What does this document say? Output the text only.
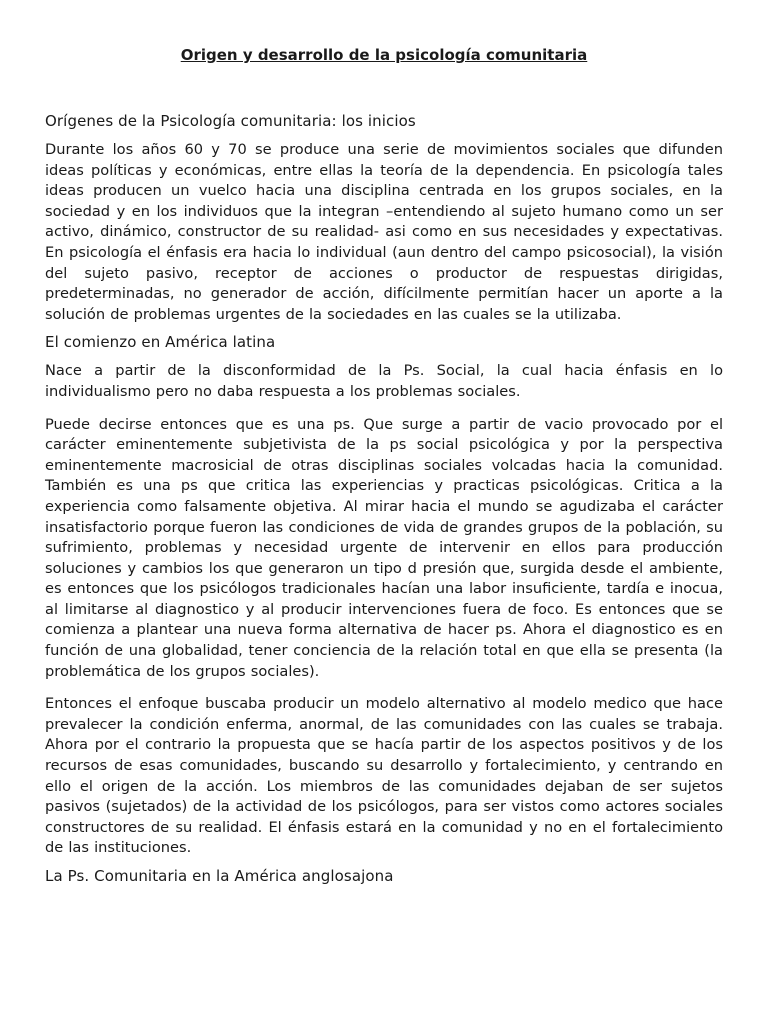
Origen y desarrollo de la psicología comunitaria
Orígenes de la Psicología comunitaria: los inicios

Durante los años 60 y 70 se produce una serie de movimientos sociales que difunden ideas políticas y económicas, entre ellas la teoría de la dependencia. En psicología tales ideas producen un vuelco hacia una disciplina centrada en los grupos sociales, en la sociedad y en los individuos que la integran –entendiendo al sujeto humano como un ser activo, dinámico, constructor de su realidad- asi como en sus necesidades y expectativas. En psicología el énfasis era hacia lo individual (aun dentro del campo psicosocial), la visión del sujeto pasivo, receptor de acciones o productor de respuestas dirigidas, predeterminadas, no generador de acción, difícilmente permitían hacer un aporte a la solución de problemas urgentes de la sociedades en las cuales se la utilizaba.

El comienzo en América latina

Nace a partir de la disconformidad de la Ps. Social, la cual hacia énfasis en lo individualismo pero no daba respuesta a los problemas sociales.

Puede decirse entonces que es una ps. Que surge a partir de vacio provocado por el carácter eminentemente subjetivista de la ps social psicológica y por la perspectiva eminentemente macrosicial de otras disciplinas sociales volcadas hacia la comunidad. También es una ps que critica las experiencias y practicas psicológicas. Critica a la experiencia como falsamente objetiva. Al mirar hacia el mundo se agudizaba el carácter insatisfactorio porque fueron las condiciones de vida de grandes grupos de la población, su sufrimiento, problemas y necesidad urgente de intervenir en ellos para producción soluciones y cambios los que generaron un tipo d presión que, surgida desde el ambiente, es entonces que los psicólogos tradicionales hacían una labor insuficiente, tardía e inocua, al limitarse al diagnostico y al producir intervenciones fuera de foco. Es entonces que se comienza a plantear una nueva forma alternativa de hacer ps. Ahora el diagnostico es en función de una globalidad, tener conciencia de la relación total en que ella se presenta (la problemática de los grupos sociales).

Entonces el enfoque buscaba producir un modelo alternativo al modelo medico que hace prevalecer la condición enferma, anormal, de las comunidades con las cuales se trabaja. Ahora por el contrario la propuesta que se hacía partir de los aspectos positivos y de los recursos de esas comunidades, buscando su desarrollo y fortalecimiento, y centrando en ello el origen de la acción. Los miembros de las comunidades dejaban de ser sujetos pasivos (sujetados) de la actividad de los psicólogos, para ser vistos como actores sociales constructores de su realidad. El énfasis estará en la comunidad y no en el fortalecimiento de las instituciones.

La Ps. Comunitaria en la América anglosajona
